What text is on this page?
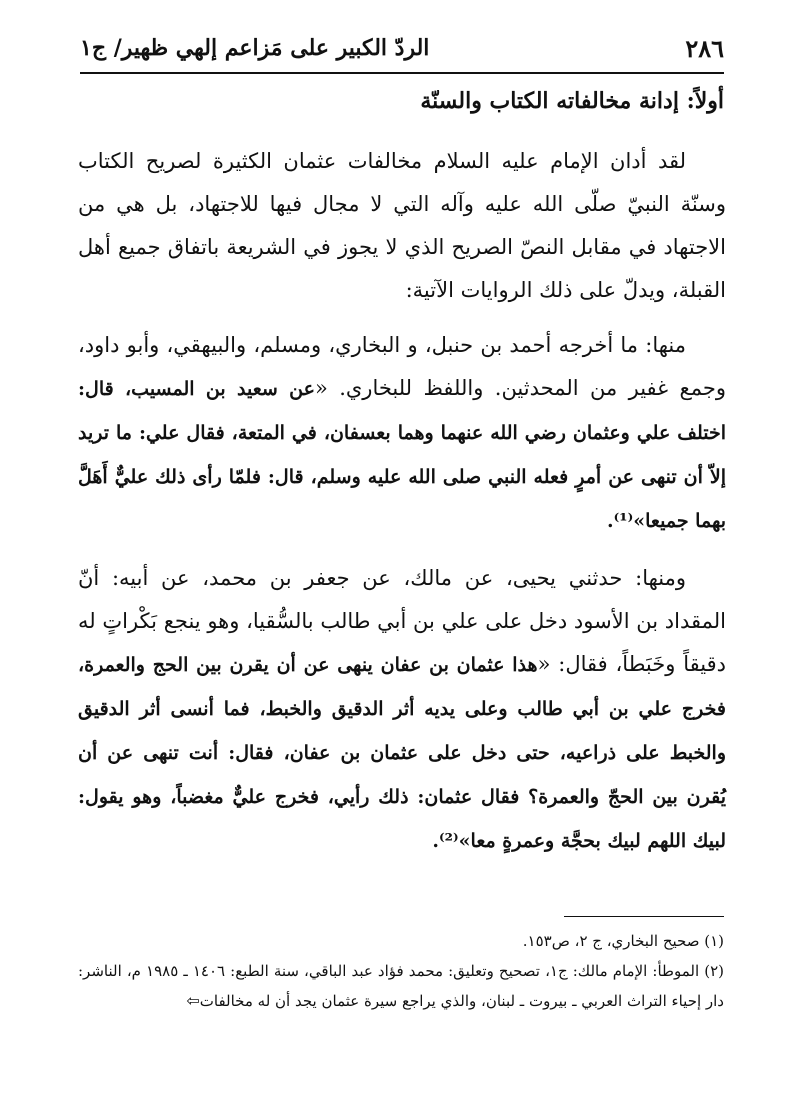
٢٨٦
الردّ الكبير على مَزاعم إلهي ظهير/ ج١
أولاً: إدانة مخالفاته الكتاب والسنّة

لقد أدان الإمام عليه السلام مخالفات عثمان الكثيرة لصريح الكتاب وسنّة النبيّ صلّى الله عليه وآله التي لا مجال فيها للاجتهاد، بل هي من الاجتهاد في مقابل النصّ الصريح الذي لا يجوز في الشريعة باتفاق جميع أهل القبلة، ويدلّ على ذلك الروايات الآتية:

منها: ما أخرجه أحمد بن حنبل، و البخاري، ومسلم، والبيهقي، وأبو داود، وجمع غفير من المحدثين. واللفظ للبخاري. «عن سعيد بن المسيب، قال: اختلف علي وعثمان رضي الله عنهما وهما بعسفان، في المتعة، فقال علي: ما تريد إلاّ أن تنهى عن أمرٍ فعله النبي صلى الله عليه وسلم، قال: فلمّا رأى ذلك عليٌّ أَهَلَّ بهما جميعا»⁽¹⁾.

ومنها: حدثني يحيى، عن مالك، عن جعفر بن محمد، عن أبيه: أنّ المقداد بن الأسود دخل على علي بن أبي طالب بالسُّقيا، وهو ينجع بَكْراتٍ له دقيقاً وخَبَطاً، فقال: «هذا عثمان بن عفان ينهى عن أن يقرن بين الحج والعمرة، فخرج علي بن أبي طالب وعلى يديه أثر الدقيق والخبط، فما أنسى أثر الدقيق والخبط على ذراعيه، حتى دخل على عثمان بن عفان، فقال: أنت تنهى عن أن يُقرن بين الحجّ والعمرة؟ فقال عثمان: ذلك رأيي، فخرج عليٌّ مغضباً، وهو يقول: لبيك اللهم لبيك بحجَّة وعمرةٍ معا»⁽²⁾.

(١) صحيح البخاري، ج ٢، ص١٥٣.

(٢) الموطأ: الإمام مالك: ج١، تصحيح وتعليق: محمد فؤاد عبد الباقي، سنة الطبع: ١٤٠٦ ـ ١٩٨٥ م، الناشر: دار إحياء التراث العربي ـ بيروت ـ لبنان، والذي يراجع سيرة عثمان يجد أن له مخالفات⇦
